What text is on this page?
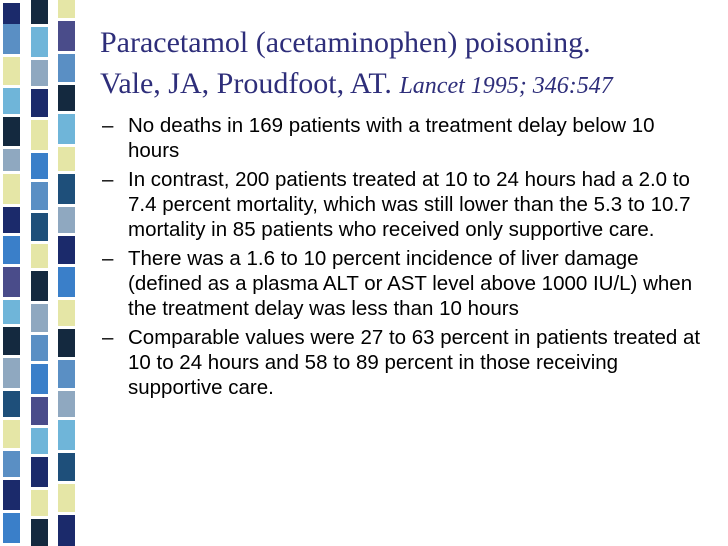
Paracetamol (acetaminophen) poisoning.
Vale, JA, Proudfoot, AT. Lancet 1995; 346:547
– No deaths in 169 patients with a treatment delay below 10 hours
– In contrast, 200 patients treated at 10 to 24 hours had a 2.0 to 7.4 percent mortality, which was still lower than the 5.3 to 10.7 mortality in 85 patients who received only supportive care.
– There was a 1.6 to 10 percent incidence of liver damage (defined as a plasma ALT or AST level above 1000 IU/L) when the treatment delay was less than 10 hours
– Comparable values were 27 to 63 percent in patients treated at 10 to 24 hours and 58 to 89 percent in those receiving supportive care.
